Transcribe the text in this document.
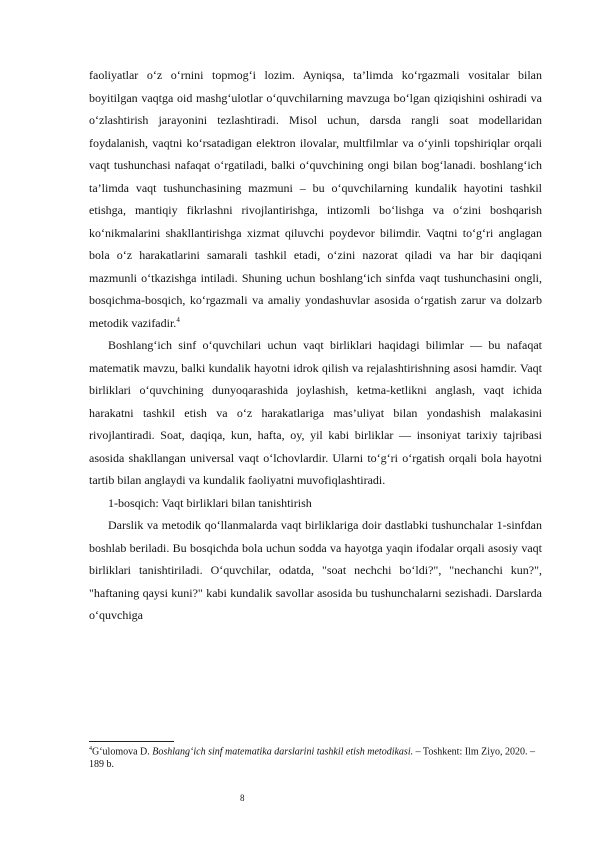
faoliyatlar o‘z o‘rnini topmog‘i lozim. Ayniqsa, ta’limda ko‘rgazmali vositalar bilan boyitilgan vaqtga oid mashg‘ulotlar o‘quvchilarning mavzuga bo‘lgan qiziqishini oshiradi va o‘zlashtirish jarayonini tezlashtiradi. Misol uchun, darsda rangli soat modellaridan foydalanish, vaqtni ko‘rsatadigan elektron ilovalar, multfilmlar va o‘yinli topshiriqlar orqali vaqt tushunchasi nafaqat o‘rgatiladi, balki o‘quvchining ongi bilan bog‘lanadi. boshlang‘ich ta’limda vaqt tushunchasining mazmuni – bu o‘quvchilarning kundalik hayotini tashkil etishga, mantiqiy fikrlashni rivojlantirishga, intizomli bo‘lishga va o‘zini boshqarish ko‘nikmalarini shakllantirishga xizmat qiluvchi poydevor bilimdir. Vaqtni to‘g‘ri anglagan bola o‘z harakatlarini samarali tashkil etadi, o‘zini nazorat qiladi va har bir daqiqani mazmunli o‘tkazishga intiladi. Shuning uchun boshlang‘ich sinfda vaqt tushunchasini ongli, bosqichma-bosqich, ko‘rgazmali va amaliy yondashuvlar asosida o‘rgatish zarur va dolzarb metodik vazifadir.$^4$

Boshlang‘ich sinf o‘quvchilari uchun vaqt birliklari haqidagi bilimlar — bu nafaqat matematik mavzu, balki kundalik hayotni idrok qilish va rejalashtirishning asosi hamdir. Vaqt birliklari o‘quvchining dunyoqarashida joylashish, ketma-ketlikni anglash, vaqt ichida harakatni tashkil etish va o‘z harakatlariga mas’uliyat bilan yondashish malakasini rivojlantiradi. Soat, daqiqa, kun, hafta, oy, yil kabi birliklar — insoniyat tarixiy tajribasi asosida shakllangan universal vaqt o‘lchovlardir. Ularni to‘g‘ri o‘rgatish orqali bola hayotni tartib bilan anglaydi va kundalik faoliyatni muvofiqlashtiradi.

1-bosqich: Vaqt birliklari bilan tanishtirish

Darslik va metodik qo‘llanmalarda vaqt birliklariga doir dastlabki tushunchalar 1-sinfdan boshlab beriladi. Bu bosqichda bola uchun sodda va hayotga yaqin ifodalar orqali asosiy vaqt birliklari tanishtiriladi. O‘quvchilar, odatda, "soat nechchi bo‘ldi?", "nechanchi kun?", "haftaning qaysi kuni?" kabi kundalik savollar asosida bu tushunchalarni sezishadi. Darslarda o‘quvchiga

$^4$G‘ulomova D. Boshlang‘ich sinf matematika darslarini tashkil etish metodikasi. – Toshkent: Ilm Ziyo, 2020. – 189 b.
8
